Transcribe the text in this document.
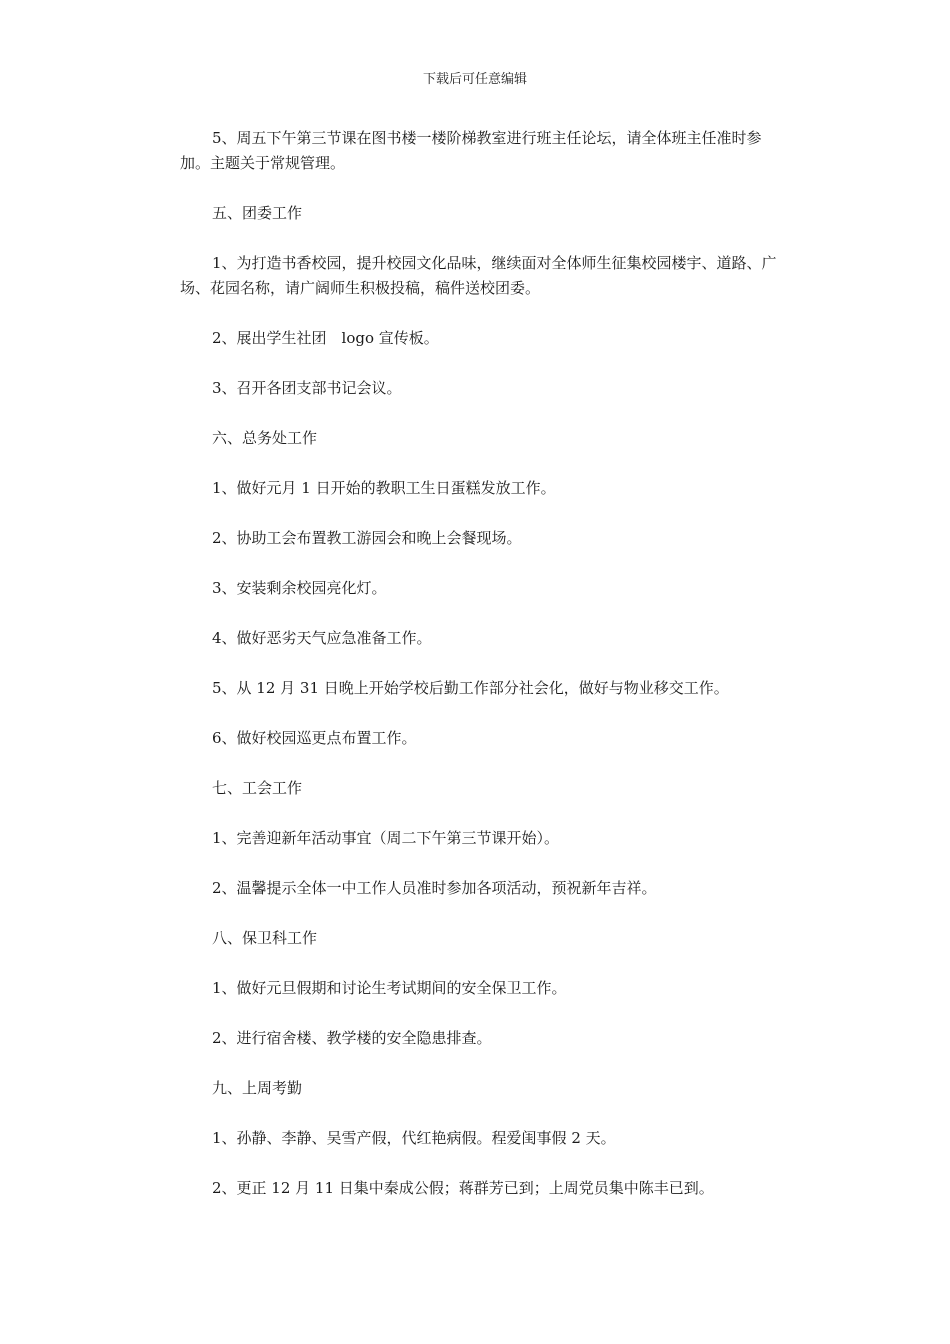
下载后可任意编辑

5、周五下午第三节课在图书楼一楼阶梯教室进行班主任论坛，请全体班主任准时参加。主题关于常规管理。

五、团委工作

1、为打造书香校园，提升校园文化品味，继续面对全体师生征集校园楼宇、道路、广场、花园名称，请广阔师生积极投稿，稿件送校团委。

2、展出学生社团　logo 宣传板。

3、召开各团支部书记会议。

六、总务处工作

1、做好元月 1 日开始的教职工生日蛋糕发放工作。

2、协助工会布置教工游园会和晚上会餐现场。

3、安装剩余校园亮化灯。

4、做好恶劣天气应急准备工作。

5、从 12 月 31 日晚上开始学校后勤工作部分社会化，做好与物业移交工作。

6、做好校园巡更点布置工作。

七、工会工作

1、完善迎新年活动事宜（周二下午第三节课开始）。

2、温馨提示全体一中工作人员准时参加各项活动，预祝新年吉祥。

八、保卫科工作

1、做好元旦假期和讨论生考试期间的安全保卫工作。

2、进行宿舍楼、教学楼的安全隐患排查。

九、上周考勤

1、孙静、李静、吴雪产假，代红艳病假。程爱闺事假 2 天。

2、更正 12 月 11 日集中秦成公假；蒋群芳已到；上周党员集中陈丰已到。
